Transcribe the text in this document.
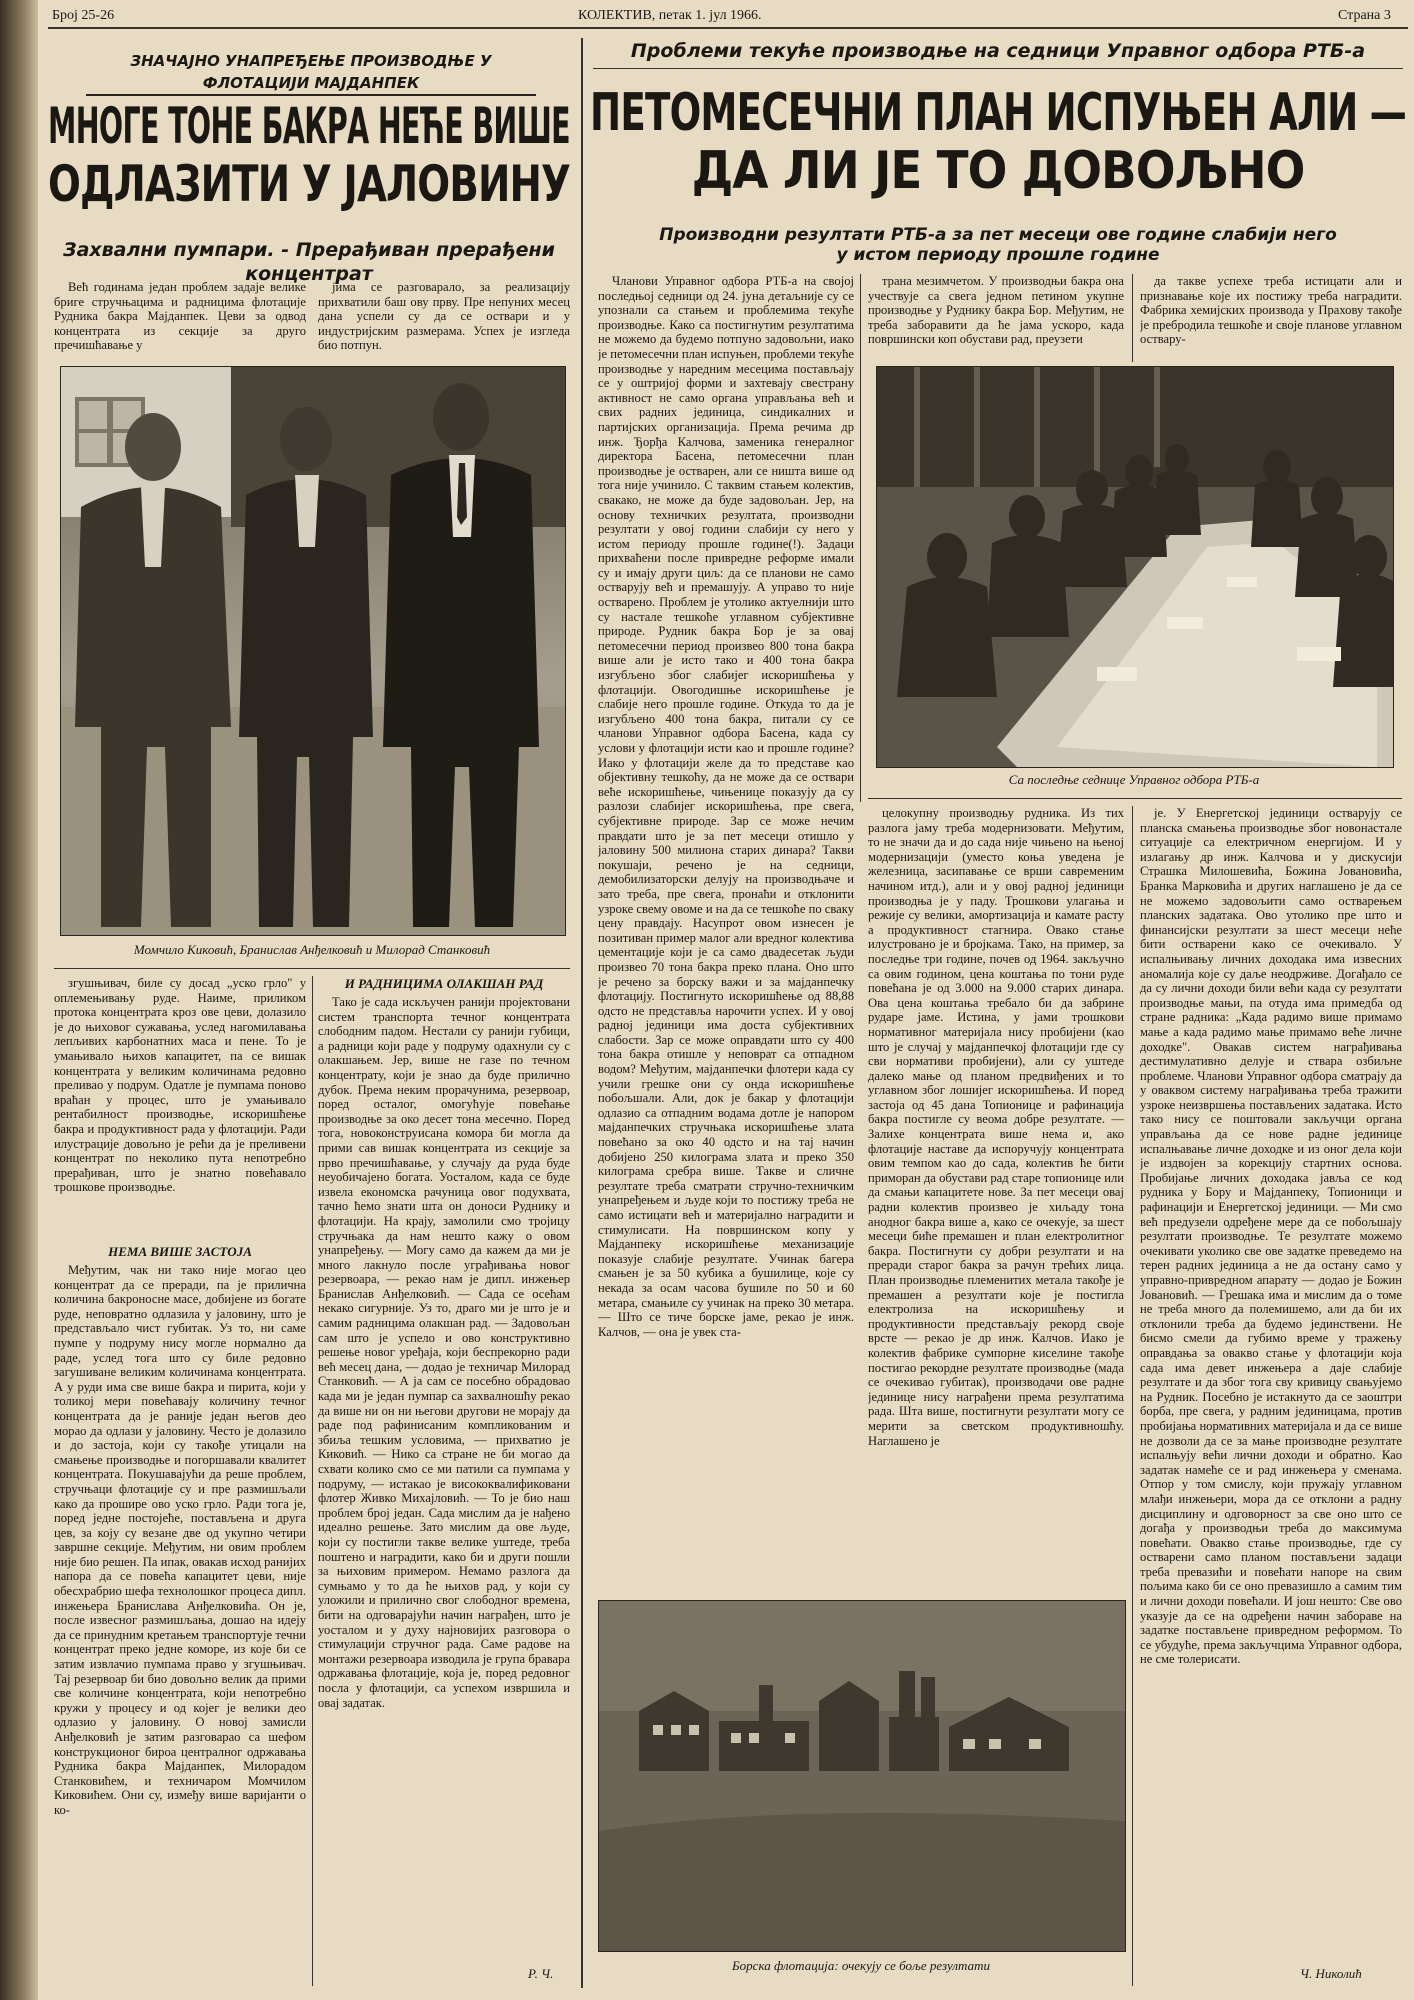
Број 25-26	КОЛЕКТИВ, петак 1. јул 1966.	Страна 3
ЗНАЧАЈНО УНАПРЕЂЕЊЕ ПРОИЗВОДЊЕ У ФЛОТАЦИЈИ МАЈДАНПЕК
МНОГЕ ТОНЕ БАКРА НЕЋЕ ВИШЕ
ОДЛАЗИТИ У ЈАЛОВИНУ
Захвални пумпари. - Прерађиван прерађени концентрат
Већ годинама један проблем задаје велике бриге стручњацима и радницима флотације Рудника бакра Мајданпек. Цеви за одвод концентрата из секције за друго пречишћавање у
јима се разговарало, за реализацију прихватили баш ову прву. Пре непуних месец дана успели су да се оствари и у индустријским размерама. Успех је изгледа био потпун.
Момчило Киковић, Бранислав Анђелковић и Милорад Станковић
згушњивач, биле су досад „уско грло" у оплемењивању руде. Наиме, приликом протока концентрата кроз ове цеви, долазило је до њиховог сужавања, услед нагомилавања лепљивих карбонатних маса и пене. То је умањивало њихов капацитет, па се вишак концентрата у великим количинама редовно преливао у подрум. Одатле је пумпама поново враћан у процес, што је умањивало рентабилност производње, искоришћење бакра и продуктивност рада у флотацији. Ради илустрације довољно је рећи да је преливени концентрат по неколико пута непотребно прерађиван, што је знатно повећавало трошкове производње.
НЕМА ВИШЕ ЗАСТОЈА
Међутим, чак ни тако није могао цео концентрат да се преради, па је прилична количина бакроносне масе, добијене из богате руде, неповратно одлазила у јаловину, што је представљало чист губитак. Уз то, ни саме пумпе у подруму нису могле нормално да раде, услед тога што су биле редовно загушиване великим количинама концентрата. А у руди има све више бакра и пирита, који у толикој мери повећавају количину течног концентрата да је раније један његов део морао да одлази у јаловину. Често је долазило и до застоја, који су такође утицали на смањење производње и погоршавали квалитет концентрата. Покушавајући да реше проблем, стручњаци флотације су и пре размишљали како да прошире ово уско грло. Ради тога је, поред једне постојеће, постављена и друга цев, за коју су везане две од укупно четири завршне секције. Међутим, ни овим проблем није био решен. Па ипак, овакав исход ранијих напора да се повећа капацитет цеви, није обесхрабрио шефа технолошког процеса дипл. инжењера Бранислава Анђелковића. Он је, после извесног размишљања, дошао на идеју да се принудним кретањем транспортује течни концентрат преко једне коморе, из које би се затим извлачио пумпама право у згушњивач. Тај резервоар би био довољно велик да прими све количине концентрата, који непотребно кружи у процесу и од којег је велики део одлазио у јаловину. О новој замисли Анђелковић је затим разговарао са шефом конструкционог бироа централног одржавања Рудника бакра Мајданпек, Милорадом Станковићем, и техничаром Момчилом Киковићем. Они су, између више варијанти о ко-
И РАДНИЦИМА ОЛАКШАН РАД
Тако је сада искључен ранији пројектовани систем транспорта течног концентрата слободним падом. Нестали су ранији губици, а радници који раде у подруму одахнули су с олакшањем. Јер, више не газе по течном концентрату, који је знао да буде прилично дубок. Према неким прорачунима, резервоар, поред осталог, омогућује повећање производње за око десет тона месечно. Поред тога, новоконструисана комора би могла да прими сав вишак концентрата из секције за прво пречишћавање, у случају да руда буде неуобичајено богата. Уосталом, када се буде извела економска рачуница овог подухвата, тачно ћемо знати шта он доноси Руднику и флотацији. На крају, замолили смо тројицу стручњака да нам нешто кажу о овом унапређењу. — Могу само да кажем да ми је много лакнуло после уграђивања новог резервоара, — рекао нам је дипл. инжењер Бранислав Анђелковић. — Сада се осећам некако сигурније. Уз то, драго ми је што је и самим радницима олакшан рад. — Задовољан сам што је успело и ово конструктивно решење новог уређаја, који беспрекорно ради већ месец дана, — додао је техничар Милорад Станковић. — А ја сам се посебно обрадовао када ми је један пумпар са захвалношћу рекао да више ни он ни његови другови не морају да раде под рафинисаним компликованим и збиља тешким условима, — прихватио је Киковић. — Нико са стране не би могао да схвати колико смо се ми патили са пумпама у подруму, — истакао је висококвалификовани флотер Живко Михајловић. — То је био наш проблем број један. Сада мислим да је нађено идеално решење. Зато мислим да ове људе, који су постигли такве велике уштеде, треба поштено и наградити, како би и други пошли за њиховим примером. Немамо разлога да сумњамо у то да ће њихов рад, у који су уложили и прилично свог слободног времена, бити на одговарајући начин награђен, што је уосталом и у духу најновијих разговора о стимулацији стручног рада. Саме радове на монтажи резервоара изводила је група бравара одржавања флотације, која је, поред редовног посла у флотацији, са успехом извршила и овај задатак.
Р. Ч.
Проблеми текуће производње на седници Управног одбора РТБ-а
ПЕТОМЕСЕЧНИ ПЛАН ИСПУЊЕН АЛИ —
ДА ЛИ ЈЕ ТО ДОВОЉНО
Производни резултати РТБ-а за пет месеци ове године слабији него
у истом периоду прошле године
Чланови Управног одбора РТБ-а на својој последњој седници од 24. јуна детаљније су се упознали са стањем и проблемима текуће производње. Како са постигнутим резултатима не можемо да будемо потпуно задовољни, иако је петомесечни план испуњен, проблеми текуће производње у наредним месецима постављају се у оштријој форми и захтевају свестрану активност не само органа управљања већ и свих радних јединица, синдикалних и партијских организација. Према речима др инж. Ђорђа Калчова, заменика генералног директора Басена, петомесечни план производње је остварен, али се ништа више од тога није учинило. С таквим стањем колектив, свакако, не може да буде задовољан. Јер, на основу техничких резултата, производни резултати у овој години слабији су него у истом периоду прошле године(!). Задаци прихваћени после привредне реформе имали су и имају други циљ: да се планови не само остварују већ и премашују. А управо то није остварено. Проблем је утолико актуелнији што су настале тешкоће углавном субјективне природе. Рудник бакра Бор је за овај петомесечни период произвео 800 тона бакра више али је исто тако и 400 тона бакра изгубљено због слабијег искоришћења у флотацији. Овогодишње искоришћење је слабије него прошле године. Откуда то да је изгубљено 400 тона бакра, питали су се чланови Управног одбора Басена, када су услови у флотацији исти као и прошле године? Иако у флотацији желе да то представе као објективну тешкоћу, да не може да се оствари веће искоришћење, чињенице показују да су разлози слабијег искоришћења, пре свега, субјективне природе. Зар се може нечим правдати што је за пет месеци отишло у јаловину 500 милиона старих динара? Такви покушаји, речено је на седници, демобилизаторски делују на производњаче и зато треба, пре свега, пронаћи и отклонити узроке свему овоме и на да се тешкоће по сваку цену правдају. Насупрот овом изнесен је позитиван пример малог али вредног колектива цементације који је са само двадесетак људи произвео 70 тона бакра преко плана. Оно што је речено за борску важи и за мајданпечку флотацију. Постигнуто искоришћење од 88,88 одсто не представља нарочити успех. И у овој радној јединици има доста субјективних слабости. Зар се може оправдати што су 400 тона бакра отишле у неповрат са отпадном водом? Међутим, мајданпечки флотери када су учили грешке они су онда искоришћење побољшали. Али, док је бакар у флотацији одлазио са отпадним водама дотле је напором мајданпечких стручњака искоришћење злата повећано за око 40 одсто и на тај начин добијено 250 килограма злата и преко 350 килограма сребра више. Такве и сличне резултате треба сматрати стручно-техничким унапређењем и људе који то постижу треба не само истицати већ и материјално наградити и стимулисати. На површинском копу у Мајданпеку искоришћење механизације показује слабије резултате. Учинак багера смањен је за 50 кубика а бушилице, које су некада за осам часова бушиле по 50 и 60 метара, смањиле су учинак на преко 30 метара. — Што се тиче борске јаме, рекао је инж. Калчов, — она је увек ста-
трана мезимчетом. У производњи бакра она учествује са свега једном петином укупне производње у Руднику бакра Бор. Међутим, не треба заборавити да ће јама ускоро, када површински коп обустави рад, преузети
да такве успехе треба истицати али и признавање које их постижу треба наградити. Фабрика хемијских производа у Прахову такође је пребродила тешкоће и своје планове углавном оствару-
Са последње седнице Управног одбора РТБ-а
целокупну производњу рудника. Из тих разлога јаму треба модернизовати. Међутим, то не значи да и до сада није чињено на њеној модернизацији (уместо коња уведена је железница, засипавање се врши савременим начином итд.), али и у овој радној јединици производња је у паду. Трошкови улагања и режије су велики, амортизација и камате расту а продуктивност стагнира. Овако стање илустровано је и бројкама. Тако, на пример, за последње три године, почев од 1964. закључно са овим годином, цена коштања по тони руде повећана је од 3.000 на 9.000 старих динара. Ова цена коштања требало би да забрине рударе јаме. Истина, у јами трошкови нормативног материјала нису пробијени (као што је случај у мајданпечкој флотацији где су сви нормативи пробијени), али су уштеде далеко мање од планом предвиђених и то углавном због лошијег искоришћења. И поред застоја од 45 дана Топионице и рафинација бакра постигле су веома добре резултате. — Залихе концентрата више нема и, ако флотације наставе да испоручују концентрата овим темпом као до сада, колектив ће бити приморан да обустави рад старе топионице или да смањи капацитете нове. За пет месеци овај радни колектив произвео је хиљаду тона анодног бакра више а, како се очекује, за шест месеци биће премашен и план електролитног бакра. Постигнути су добри резултати и на преради старог бакра за рачун трећих лица. План производње племенитих метала такође је премашен а резултати које је постигла електролиза на искоришћењу и продуктивности представљају рекорд своје врсте — рекао је др инж. Калчов. Иако је колектив фабрике сумпорне киселине такође постигао рекордне резултате производње (мада се очекивао губитак), производачи ове радне јединице нису награђени према резултатима рада. Шта више, постигнути резултати могу се мерити за светском продуктивношћу. Наглашено је
је. У Енергетској јединици остварују се планска смањења производње због новонастале ситуације са електричном енергијом. И у излагању др инж. Калчова и у дискусији Страшка Милошевића, Божина Јовановића, Бранка Марковића и других наглашено је да се не можемо задовољити само остварењем планских задатака. Ово утолико пре што и финансијски резултати за шест месеци неће бити остварени како се очекивало. У испалњивању личних доходака има извесних аномалија које су даље неодрживе. Догађало се да су лични доходи били већи када су резултати производње мањи, па отуда има примедба од стране радника: „Када радимо више примамо мање а када радимо мање примамо веће личне доходке". Овакав систем награђивања дестимулативно делује и ствара озбиљне проблеме. Чланови Управног одбора сматрају да у оваквом систему награђивања треба тражити узроке неизвршења постављених задатака. Исто тако нису се поштовали закључци органа управљања да се нове радне јединице испалњавање личне доходке и из оног дела који је издвојен за корекцију стартних основа. Пробијање личних доходака јавља се код рудника у Бору и Мајданпеку, Топионици и рафинацији и Енергетској јединици. — Ми смо већ предузели одређене мере да се побољшају резултати производње. Те резултате можемо очекивати уколико све ове задатке преведемо на терен радних јединица а не да остану само у управно-привредном апарату — додао је Божин Јовановић. — Грешака има и мислим да о томе не треба много да полемишемо, али да би их отклонили треба да будемо јединствени. Не бисмо смели да губимо време у тражењу оправдања за овакво стање у флотацији која сада има девет инжењера а даје слабије резултате и да због тога сву кривицу свањујемо на Рудник. Посебно је истакнуто да се заоштри борба, пре свега, у радним јединицама, против пробијања нормативних материјала и да се више не дозволи да се за мање производне резултате испалњују већи лични доходи и обратно. Као задатак намеће се и рад инжењера у сменама. Отпор у том смислу, који пружају углавном млађи инжењери, мора да се отклони а радну дисциплину и одговорност за све оно што се догађа у производњи треба до максимума повећати. Овакво стање производње, где су остварени само планом постављени задаци треба превазићи и повећати напоре на свим пољима како би се оно превазишло а самим тим и лични доходи повећали. И још нешто: Све ово указује да се на одређени начин забораве на задатке постављене привредном реформом. То се убудуће, према закључцима Управног одбора, не сме толерисати.
Борска флотација: очекују се боље резултати
Ч. Николић
